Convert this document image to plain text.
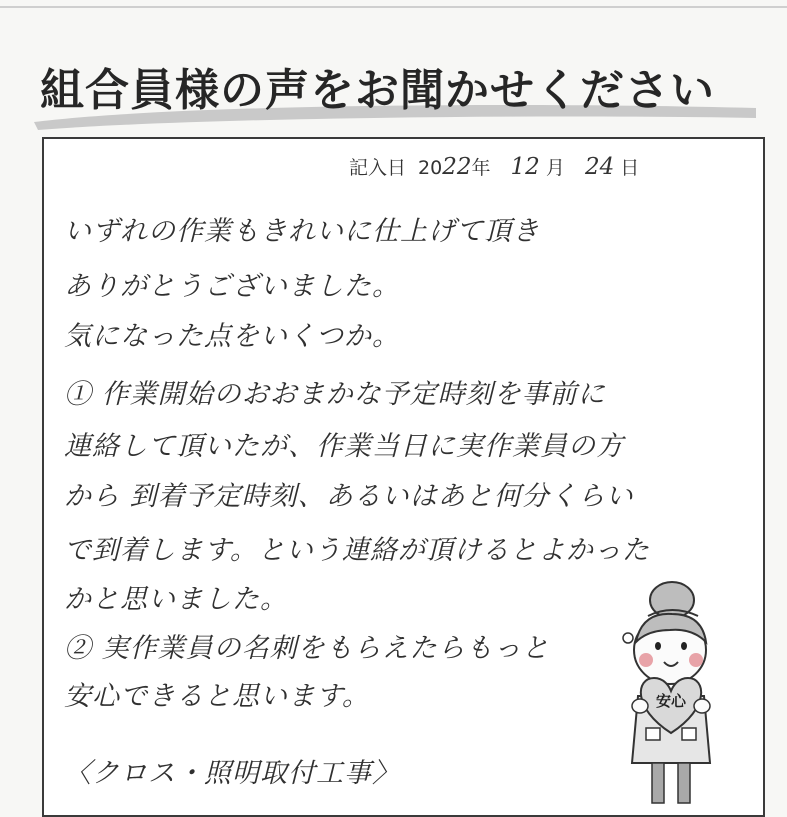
組合員様の声をお聞かせください
記入日 2022年 12 月 24 日
いずれの作業もきれいに仕上げて頂き
ありがとうございました。
気になった点をいくつか。
① 作業開始のおおまかな予定時刻を事前に
連絡して頂いたが、作業当日に実作業員の方
から 到着予定時刻、あるいはあと何分くらい
で到着します。という連絡が頂けるとよかった
かと思いました。
② 実作業員の名刺をもらえたらもっと
安心できると思います。
〈クロス・照明取付工事〉
安心
